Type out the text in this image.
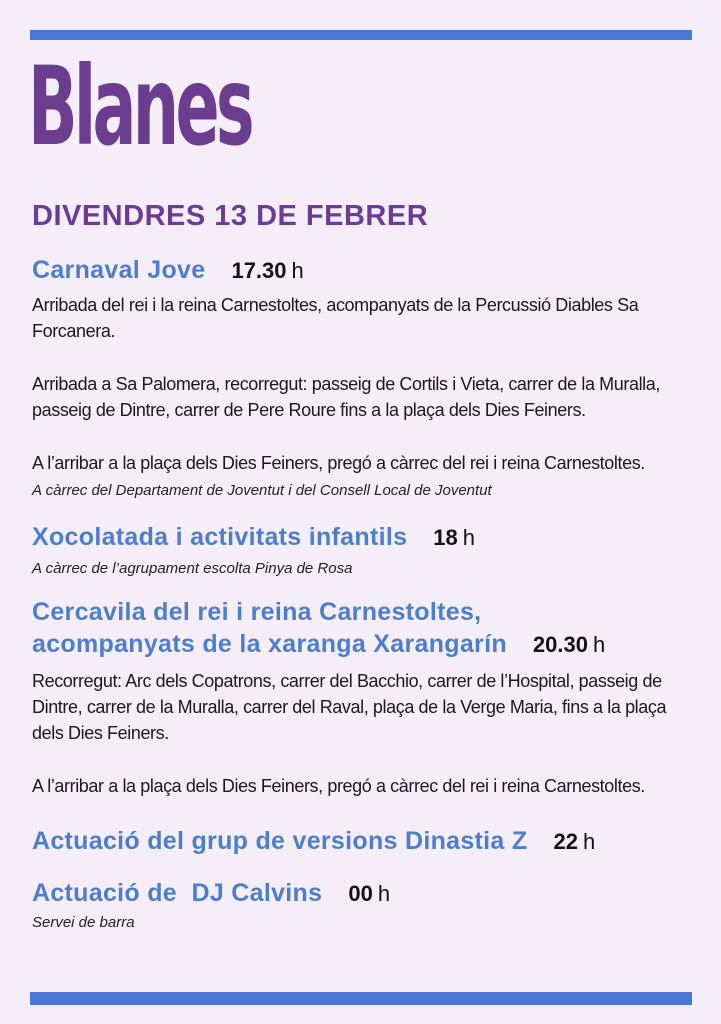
Blanes
DIVENDRES 13 DE FEBRER
Carnaval Jove 17.30 h

Arribada del rei i la reina Carnestoltes, acompanyats de la Percussió Diables Sa Forcanera.

Arribada a Sa Palomera, recorregut: passeig de Cortils i Vieta, carrer de la Muralla, passeig de Dintre, carrer de Pere Roure fins a la plaça dels Dies Feiners.

A l’arribar a la plaça dels Dies Feiners, pregó a càrrec del rei i reina Carnestoltes.

A càrrec del Departament de Joventut i del Consell Local de Joventut

Xocolatada i activitats infantils 18 h

A càrrec de l’agrupament escolta Pinya de Rosa

Cercavila del rei i reina Carnestoltes,
acompanyats de la xaranga Xarangarín 20.30 h

Recorregut: Arc dels Copatrons, carrer del Bacchio, carrer de l’Hospital, passeig de Dintre, carrer de la Muralla, carrer del Raval, plaça de la Verge Maria, fins a la plaça dels Dies Feiners.

A l’arribar a la plaça dels Dies Feiners, pregó a càrrec del rei i reina Carnestoltes.

Actuació del grup de versions Dinastia Z 22 h
Actuació de  DJ Calvins 00 h

Servei de barra
